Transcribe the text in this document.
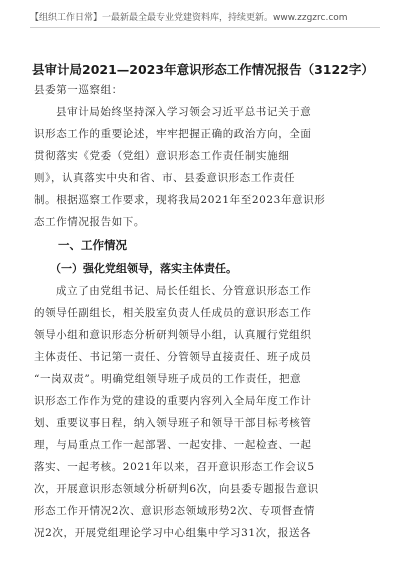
【组织工作日常】一最新最全最专业党建资料库，持续更新。www.zzgzrc.com
县审计局2021—2023年意识形态工作情况报告（3122字）
县委第一巡察组：
县审计局始终坚持深入学习领会习近平总书记关于意
识形态工作的重要论述，牢牢把握正确的政治方向，全面
贯彻落实《党委（党组）意识形态工作责任制实施细
则》，认真落实中央和省、市、县委意识形态工作责任
制。根据巡察工作要求，现将我局2021年至2023年意识形
态工作情况报告如下。
一、工作情况
（一）强化党组领导，落实主体责任。
成立了由党组书记、局长任组长、分管意识形态工作
的领导任副组长，相关股室负责人任成员的意识形态工作
领导小组和意识形态分析研判领导小组，认真履行党组织
主体责任、书记第一责任、分管领导直接责任、班子成员
“一岗双责”。明确党组领导班子成员的工作责任，把意
识形态工作作为党的建设的重要内容列入全局年度工作计
划、重要议事日程，纳入领导班子和领导干部目标考核管
理，与局重点工作一起部署、一起安排、一起检查、一起
落实、一起考核。2021年以来，召开意识形态工作会议5
次，开展意识形态领域分析研判6次，向县委专题报告意识
形态工作开情况2次、意识形态领域形势2次、专项督查情
况2次，开展党组理论学习中心组集中学习31次，报送各
